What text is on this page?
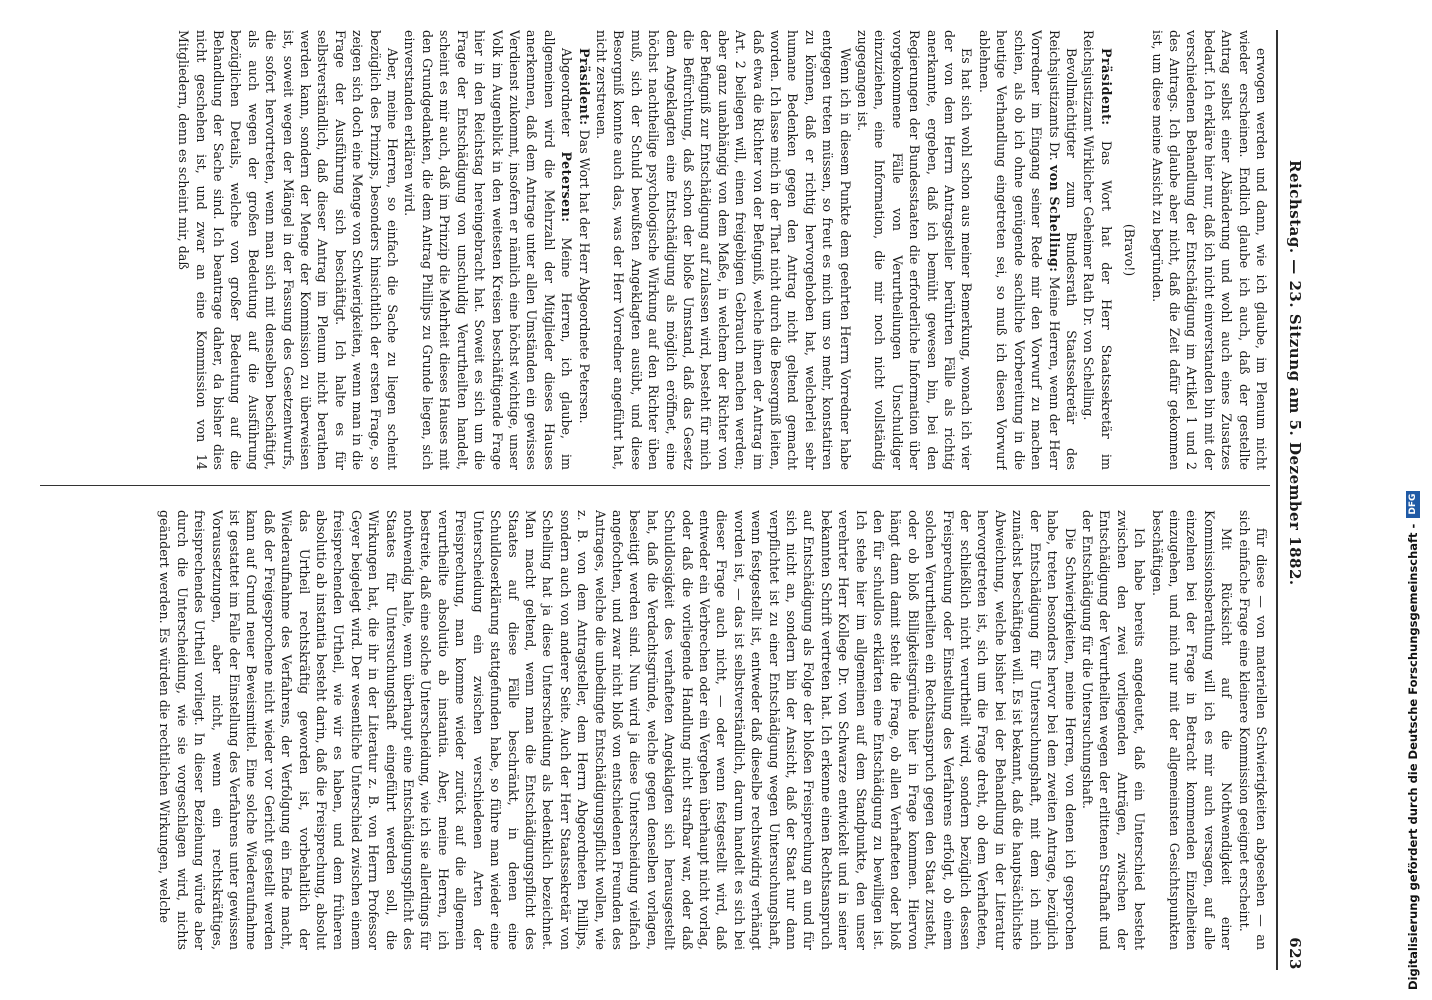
Reichstag. — 23. Sitzung am 5. Dezember 1882.
623

erwogen werden und dann, wie ich glaube, im Plenum nicht wieder erscheinen. Endlich glaube ich auch, daß der gestellte Antrag selbst einer Abänderung und wohl auch eines Zusatzes bedarf. Ich erkläre hier nur, daß ich nicht einverstanden bin mit der verschiedenen Behandlung der Entschädigung im Artikel 1 und 2 des Antrags. Ich glaube aber nicht, daß die Zeit dafür gekommen ist, um diese meine Ansicht zu begründen.

(Bravo!)

Präsident: Das Wort hat der Herr Staatssekretär im Reichsjustizamt Wirklicher Geheimer Rath Dr. von Schelling.

Bevollmächtigter zum Bundesrath Staatssekretär des Reichsjustizamts Dr. von Schelling: Meine Herren, wenn der Herr Vorredner im Eingang seiner Rede mir den Vorwurf zu machen schien, als ob ich ohne genügende sachliche Vorbereitung in die heutige Verhandlung eingetreten sei, so muß ich diesen Vorwurf ablehnen.

Es hat sich wohl schon aus meiner Bemerkung, wonach ich vier der von dem Herrn Antragsteller berührten Fälle als richtig anerkannte, ergeben, daß ich bemüht gewesen bin, bei den Regierungen der Bundesstaaten die erforderliche Information über vorgekommene Fälle von Verurtheilungen Unschuldiger einzuziehen, eine Information, die mir noch nicht vollständig zugegangen ist.

Wenn ich in diesem Punkte dem geehrten Herrn Vorredner habe entgegen treten müssen, so freut es mich um so mehr, konstatiren zu können, daß er richtig hervorgehoben hat, welcherlei sehr humane Bedenken gegen den Antrag nicht geltend gemacht worden. Ich lasse mich in der That nicht durch die Besorgniß leiten, daß etwa die Richter von der Befugniß, welche ihnen der Antrag im Art. 2 beilegen will, einen freigebigen Gebrauch machen werden; aber ganz unabhängig von dem Maße, in welchem der Richter von der Befugniß zur Entschädigung auf zulassen wird, besteht für mich die Befürchtung, daß schon der bloße Umstand, daß das Gesetz dem Angeklagten eine Entschädigung als möglich eröffnet, eine höchst nachtheilige psychologische Wirkung auf den Richter üben muß, sich der Schuld bewußten Angeklagten ausübt, und diese Besorgniß konnte auch das, was der Herr Vorredner angeführt hat, nicht zerstreuen.

Präsident: Das Wort hat der Herr Abgeordnete Petersen.

Abgeordneter Petersen: Meine Herren, ich glaube, im allgemeinen wird die Mehrzahl der Mitglieder dieses Hauses anerkennen, daß dem Antrage unter allen Umständen ein gewisses Verdienst zukommt, insofern er nämlich eine höchst wichtige, unser Volk im Augenblick in den weitesten Kreisen beschäftigende Frage hier in den Reichstag hereingebracht hat. Soweit es sich um die Frage der Entschädigung von unschuldig Verurtheilten handelt, scheint es mir auch, daß im Prinzip die Mehrheit dieses Hauses mit den Grundgedanken, die dem Antrag Phillips zu Grunde liegen, sich einverstanden erklären wird.

Aber, meine Herren, so einfach die Sache zu liegen scheint bezüglich des Prinzips, besonders hinsichtlich der ersten Frage, so zeigen sich doch eine Menge von Schwierigkeiten, wenn man in die Frage der Ausführung sich beschäftigt. Ich halte es für selbstverständlich, daß dieser Antrag im Plenum nicht berathen werden kann, sondern der Menge der Kommission zu überweisen ist, soweit wegen der Mängel in der Fassung des Gesetzentwurfs, die sofort hervortreten, wenn man sich mit denselben beschäftigt, als auch wegen der großen Bedeutung auf die Ausführung bezüglichen Details, welche von großer Bedeutung auf die Behandlung der Sache sind. Ich beantrage daher, da bisher dies nicht geschehen ist, und zwar an eine Kommission von 14 Mitgliedern, denn es scheint mir, daß

für diese — von materiellen Schwierigkeiten abgesehen — an sich einfache Frage eine kleinere Kommission geeignet erscheint.

Mit Rücksicht auf die Nothwendigkeit einer Kommissionsberathung will ich es mir auch versagen, auf alle einzelnen bei der Frage in Betracht kommenden Einzelheiten einzugehen, und mich nur mit der allgemeinsten Gesichtspunkten beschäftigen.

Ich habe bereits angedeutet, daß ein Unterschied besteht zwischen den zwei vorliegenden Anträgen, zwischen der Entschädigung der Verurtheilten wegen der erlittenen Strafhaft und der Entschädigung für die Untersuchungshaft.

Die Schwierigkeiten, meine Herren, von denen ich gesprochen habe, treten besonders hervor bei dem zweiten Antrage, bezüglich der Entschädigung für Untersuchungshaft, mit dem ich mich zunächst beschäftigen will. Es ist bekannt, daß die hauptsächlichste Abweichung, welche bisher bei der Behandlung in der Literatur hervorgetreten ist, sich um die Frage dreht, ob dem Verhafteten, der schließlich nicht verurtheilt wird, sondern bezüglich dessen Freisprechung oder Einstellung des Verfahrens erfolgt, ob einem solchen Verurtheilten ein Rechtsanspruch gegen den Staat zusteht, oder ob bloß Billigkeitsgründe hier in Frage kommen. Hiervon hängt dann damit steht die Frage, ob allen Verhafteten oder bloß den für schuldlos erklärten eine Entschädigung zu bewilligen ist. Ich stehe hier im allgemeinen auf dem Standpunkte, den unser verehrter Herr Kollege Dr. von Schwarze entwickelt und in seiner bekannten Schrift vertreten hat. Ich erkenne einen Rechtsanspruch auf Entschädigung als Folge der bloßen Freisprechung an und für sich nicht an, sondern bin der Ansicht, daß der Staat nur dann verpflichtet ist zu einer Entschädigung wegen Untersuchungshaft, wenn festgestellt ist, entweder daß dieselbe rechtswidrig verhängt worden ist, — das ist selbstverständlich, darum handelt es sich bei dieser Frage auch nicht, — oder wenn festgestellt wird, daß entweder ein Verbrechen oder ein Vergehen überhaupt nicht vorlag, oder daß die vorliegende Handlung nicht strafbar war, oder daß Schuldlosigkeit des verhafteten Angeklagten sich herausgestellt hat, daß die Verdachtsgründe, welche gegen denselben vorlagen, beseitigt werden sind. Nun wird ja diese Unterscheidung vielfach angefochten, und zwar nicht bloß von entschiedenen Freunden des Antrages, welche die unbedingte Entschädigungspflicht wollen, wie z. B. von dem Antragsteller, dem Herrn Abgeordneten Phillips, sondern auch von anderer Seite. Auch der Herr Staatssekretär von Schelling hat ja diese Unterscheidung als bedenklich bezeichnet. Man macht geltend, wenn man die Entschädigungspflicht des Staates auf diese Fälle beschränkt, in denen eine Schuldloserklärung stattgefunden habe, so führe man wieder eine Unterscheidung ein zwischen verschiedenen Arten der Freisprechung, man komme wieder zurück auf die allgemein verurtheilte absolutio ab instantia. Aber, meine Herren, ich bestreite, daß eine solche Unterscheidung, wie ich sie allerdings für nothwendig halte, wenn überhaupt eine Entschädigungspflicht des Staates für Untersuchungshaft eingeführt werden soll, die Wirkungen hat, die ihr in der Literatur z. B. von Herrn Professor Geyer beigelegt wird. Der wesentliche Unterschied zwischen einem freisprechenden Urtheil, wie wir es haben, und dem früheren absolutio ab instantia besteht darin, daß die Freisprechung, absolut das Urtheil rechtskräftig geworden ist, vorbehaltlich der Wiederaufnahme des Verfahrens, der Verfolgung ein Ende macht, daß der Freigesprochene nicht wieder vor Gericht gestellt werden kann auf Grund neuer Beweismittel. Eine solche Wiederaufnahme ist gestattet im Falle der Einstellung des Verfahrens unter gewissen Voraussetzungen, aber nicht, wenn ein rechtskräftiges, freisprechendes Urtheil vorliegt. In dieser Beziehung würde aber durch die Unterscheidung, wie sie vorgeschlagen wird, nichts geändert werden. Es würden die rechtlichen Wirkungen, welche	Digitalisierung gefördert durch die Deutsche Forschungsgemeinschaft -
DFG
